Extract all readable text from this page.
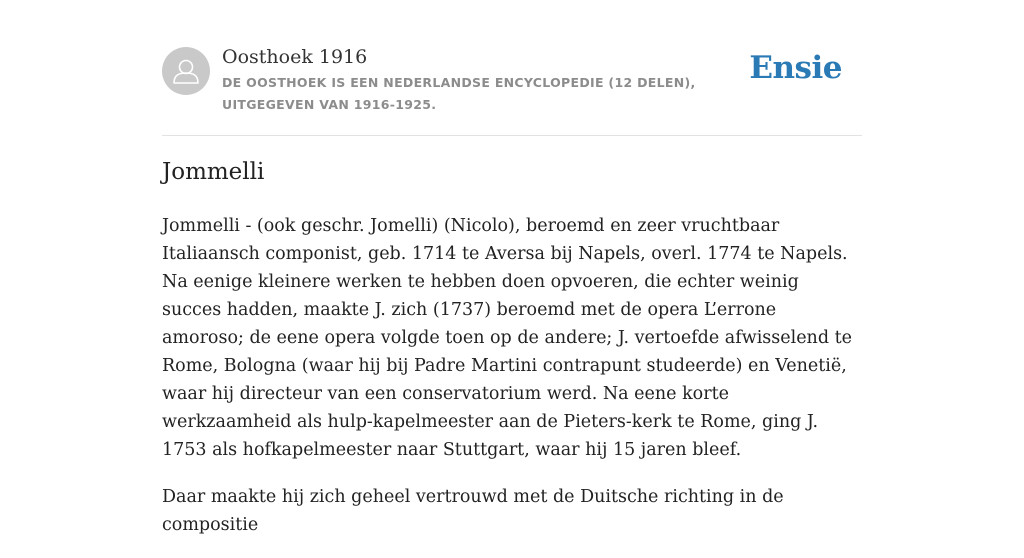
Oosthoek 1916
DE OOSTHOEK IS EEN NEDERLANDSE ENCYCLOPEDIE (12 DELEN), UITGEGEVEN VAN 1916-1925.
Ensie
Jommelli

Jommelli - (ook geschr. Jomelli) (Nicolo), beroemd en zeer vruchtbaar Italiaansch componist, geb. 1714 te Aversa bij Napels, overl. 1774 te Napels. Na eenige kleinere werken te hebben doen opvoeren, die echter weinig succes hadden, maakte J. zich (1737) beroemd met de opera L’errone amoroso; de eene opera volgde toen op de andere; J. vertoefde afwisselend te Rome, Bologna (waar hij bij Padre Martini contrapunt studeerde) en Venetië, waar hij directeur van een conservatorium werd. Na eene korte werkzaamheid als hulp-kapelmeester aan de Pieters-kerk te Rome, ging J. 1753 als hofkapelmeester naar Stuttgart, waar hij 15 jaren bleef.

Daar maakte hij zich geheel vertrouwd met de Duitsche richting in de compositie
